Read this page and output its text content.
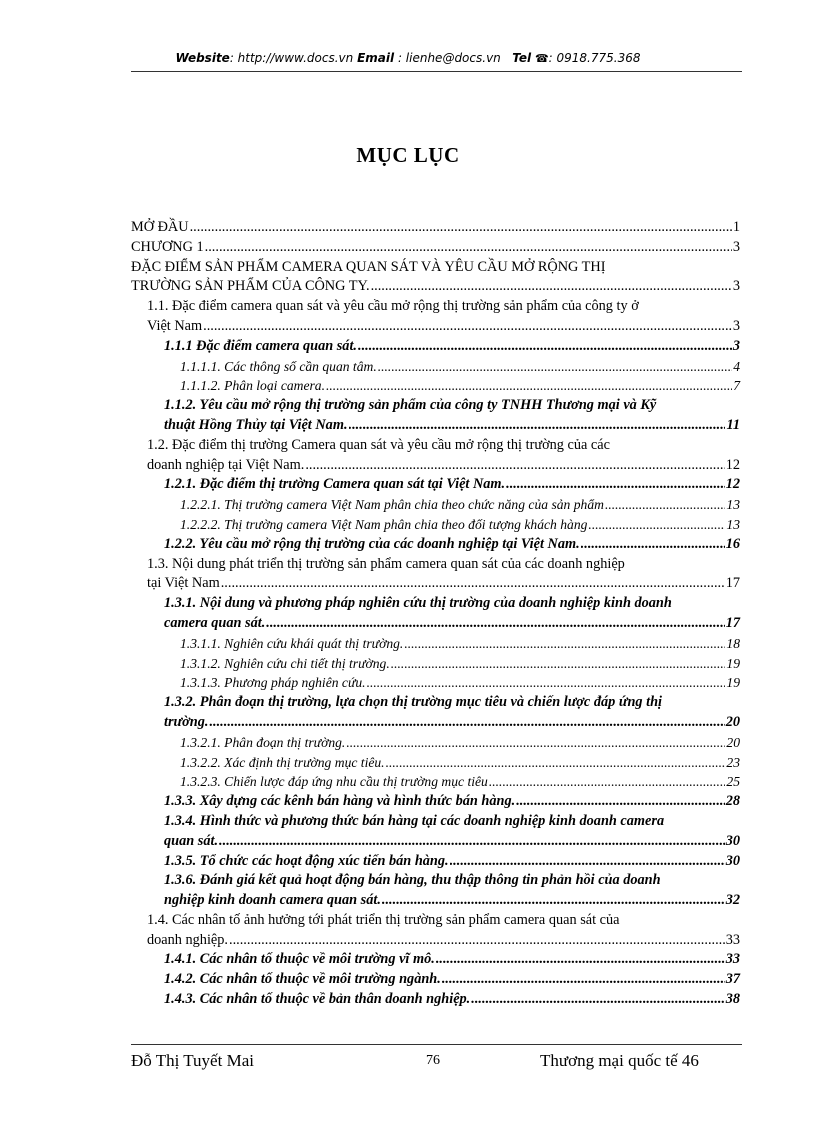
Website: http://www.docs.vn Email : lienhe@docs.vn Tel ☎: 0918.775.368
MỤC LỤC
MỞ ĐẦU .....	1
CHƯƠNG 1 .....	3
ĐẶC ĐIỂM SẢN PHẨM CAMERA QUAN SÁT VÀ YÊU CẦU MỞ RỘNG THỊ
TRƯỜNG SẢN PHẨM CỦA CÔNG TY. .....	3
1.1. Đặc điểm camera quan sát và yêu cầu mở rộng thị trường sản phẩm của công ty ở
Việt Nam .....	3
1.1.1 Đặc điểm camera quan sát. .....	3
1.1.1.1. Các thông số cần quan tâm. .....	4
1.1.1.2. Phân loại camera. .....	7
1.1.2. Yêu cầu mở rộng thị trường sản phẩm của công ty TNHH Thương mại và Kỹ
thuật Hồng Thủy tại Việt Nam. .....	11
1.2. Đặc điểm thị trường Camera quan sát và yêu cầu mở rộng thị trường của các
doanh nghiệp tại Việt Nam. .....	12
1.2.1. Đặc điểm thị trường Camera quan sát tại Việt Nam. .....	12
1.2.2.1. Thị trường camera Việt Nam phân chia theo chức năng của sản phẩm .....	13
1.2.2.2. Thị trường camera Việt Nam phân chia theo đối tượng khách hàng .....	13
1.2.2. Yêu cầu mở rộng thị trường của các doanh nghiệp tại Việt Nam. .....	16
1.3. Nội dung phát triển thị trường sản phẩm camera quan sát của các doanh nghiệp
tại Việt Nam .....	17
1.3.1. Nội dung và phương pháp nghiên cứu thị trường của doanh nghiệp kinh doanh
camera quan sát. .....	17
1.3.1.1. Nghiên cứu khái quát thị trường. .....	18
1.3.1.2. Nghiên cứu chi tiết thị trường. .....	19
1.3.1.3. Phương pháp nghiên cứu. .....	19
1.3.2. Phân đoạn thị trường, lựa chọn thị trường mục tiêu và chiến lược đáp ứng thị
trường. .....	20
1.3.2.1. Phân đoạn thị trường. .....	20
1.3.2.2. Xác định thị trường mục tiêu. .....	23
1.3.2.3. Chiến lược đáp ứng nhu cầu thị trường mục tiêu .....	25
1.3.3. Xây dựng các kênh bán hàng và hình thức bán hàng. .....	28
1.3.4. Hình thức và phương thức bán hàng tại các doanh nghiệp kinh doanh camera
quan sát. .....	30
1.3.5. Tổ chức các hoạt động xúc tiến bán hàng. .....	30
1.3.6. Đánh giá kết quả hoạt động bán hàng, thu thập thông tin phản hồi của doanh
nghiệp kinh doanh camera quan sát. .....	32
1.4. Các nhân tố ảnh hưởng tới phát triển thị trường sản phẩm camera quan sát của
doanh nghiệp. .....	33
1.4.1. Các nhân tố thuộc về môi trường vĩ mô. .....	33
1.4.2. Các nhân tố thuộc về môi trường ngành. .....	37
1.4.3. Các nhân tố thuộc về bản thân doanh nghiệp. .....	38
Đỗ Thị Tuyết Mai	76	Thương mại quốc tế 46
